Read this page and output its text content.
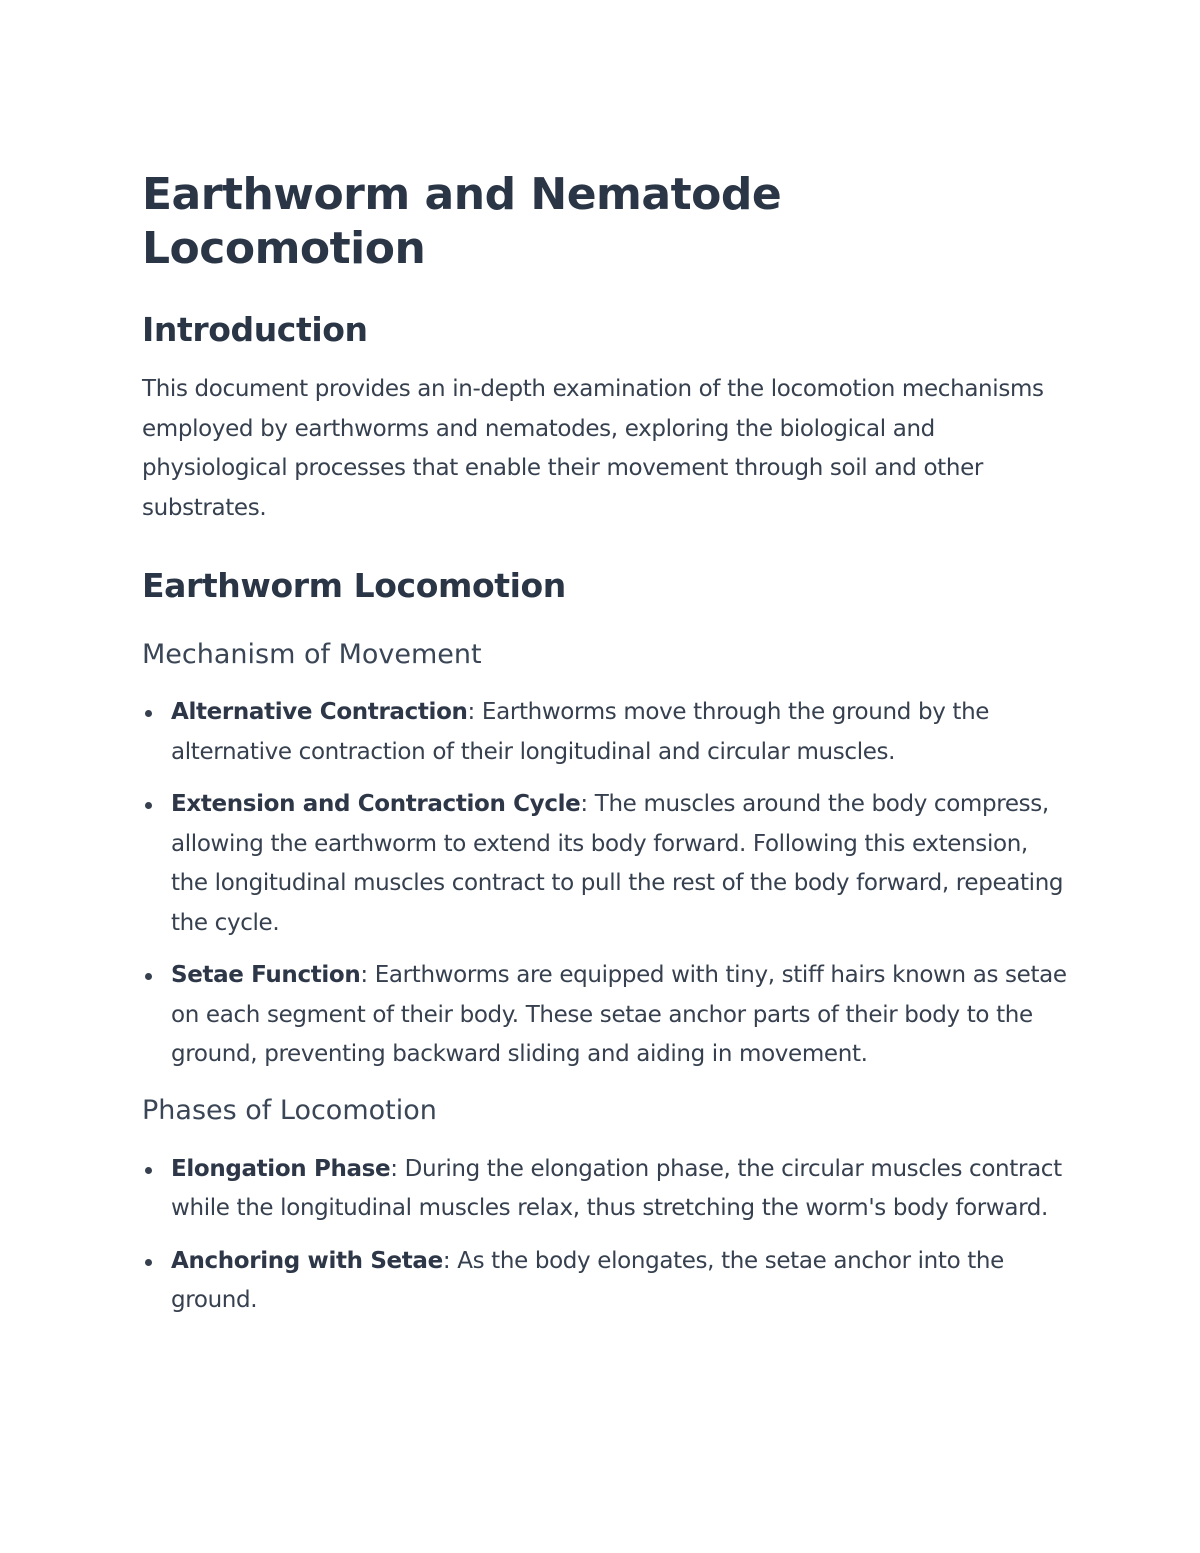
Earthworm and Nematode Locomotion
Introduction

This document provides an in-depth examination of the locomotion mechanisms employed by earthworms and nematodes, exploring the biological and physiological processes that enable their movement through soil and other substrates.

Earthworm Locomotion
Mechanism of Movement
Alternative Contraction: Earthworms move through the ground by the alternative contraction of their longitudinal and circular muscles.
Extension and Contraction Cycle: The muscles around the body compress, allowing the earthworm to extend its body forward. Following this extension, the longitudinal muscles contract to pull the rest of the body forward, repeating the cycle.
Setae Function: Earthworms are equipped with tiny, stiff hairs known as setae on each segment of their body. These setae anchor parts of their body to the ground, preventing backward sliding and aiding in movement.
Phases of Locomotion
Elongation Phase: During the elongation phase, the circular muscles contract while the longitudinal muscles relax, thus stretching the worm's body forward.
Anchoring with Setae: As the body elongates, the setae anchor into the ground.
